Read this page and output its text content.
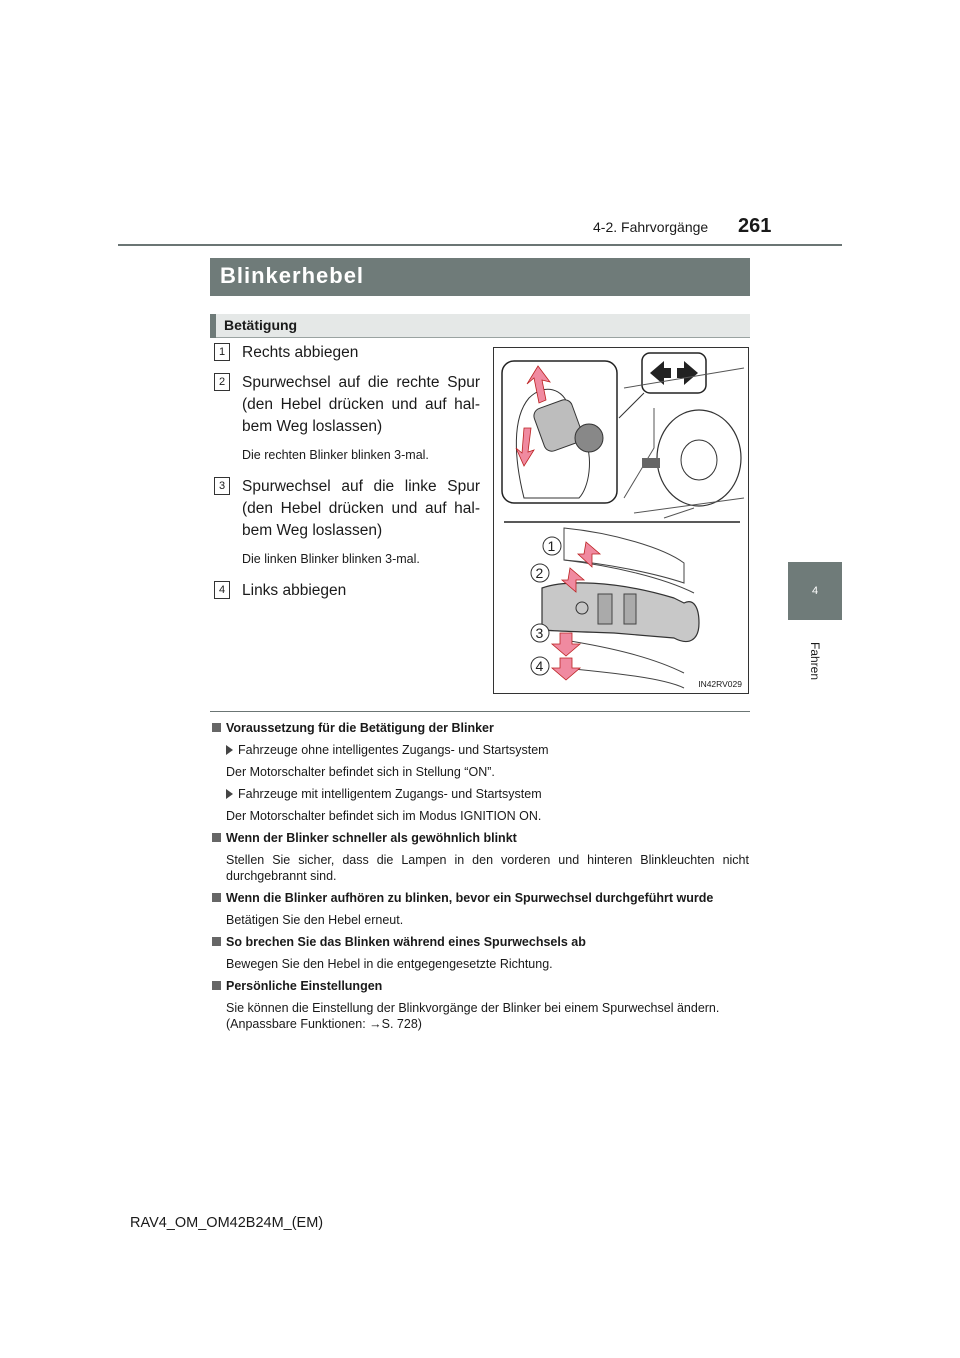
4-2. Fahrvorgänge 261
4
Fahren
Blinkerhebel
Betätigung
1	Rechts abbiegen
2	Spurwechsel auf die rechte Spur (den Hebel drücken und auf hal-bem Weg loslassen)
Die rechten Blinker blinken 3-mal.
3	Spurwechsel auf die linke Spur (den Hebel drücken und auf hal-bem Weg loslassen)
Die linken Blinker blinken 3-mal.
4	Links abbiegen
1
2
3
4
IN42RV029
Voraussetzung für die Betätigung der Blinker
Fahrzeuge ohne intelligentes Zugangs- und Startsystem
Der Motorschalter befindet sich in Stellung “ON”.
Fahrzeuge mit intelligentem Zugangs- und Startsystem
Der Motorschalter befindet sich im Modus IGNITION ON.
Wenn der Blinker schneller als gewöhnlich blinkt
Stellen Sie sicher, dass die Lampen in den vorderen und hinteren Blinkleuchten nicht durchgebrannt sind.
Wenn die Blinker aufhören zu blinken, bevor ein Spurwechsel durchgeführt wurde
Betätigen Sie den Hebel erneut.
So brechen Sie das Blinken während eines Spurwechsels ab
Bewegen Sie den Hebel in die entgegengesetzte Richtung.
Persönliche Einstellungen
Sie können die Einstellung der Blinkvorgänge der Blinker bei einem Spurwechsel ändern.
(Anpassbare Funktionen: →S. 728)
RAV4_OM_OM42B24M_(EM)
